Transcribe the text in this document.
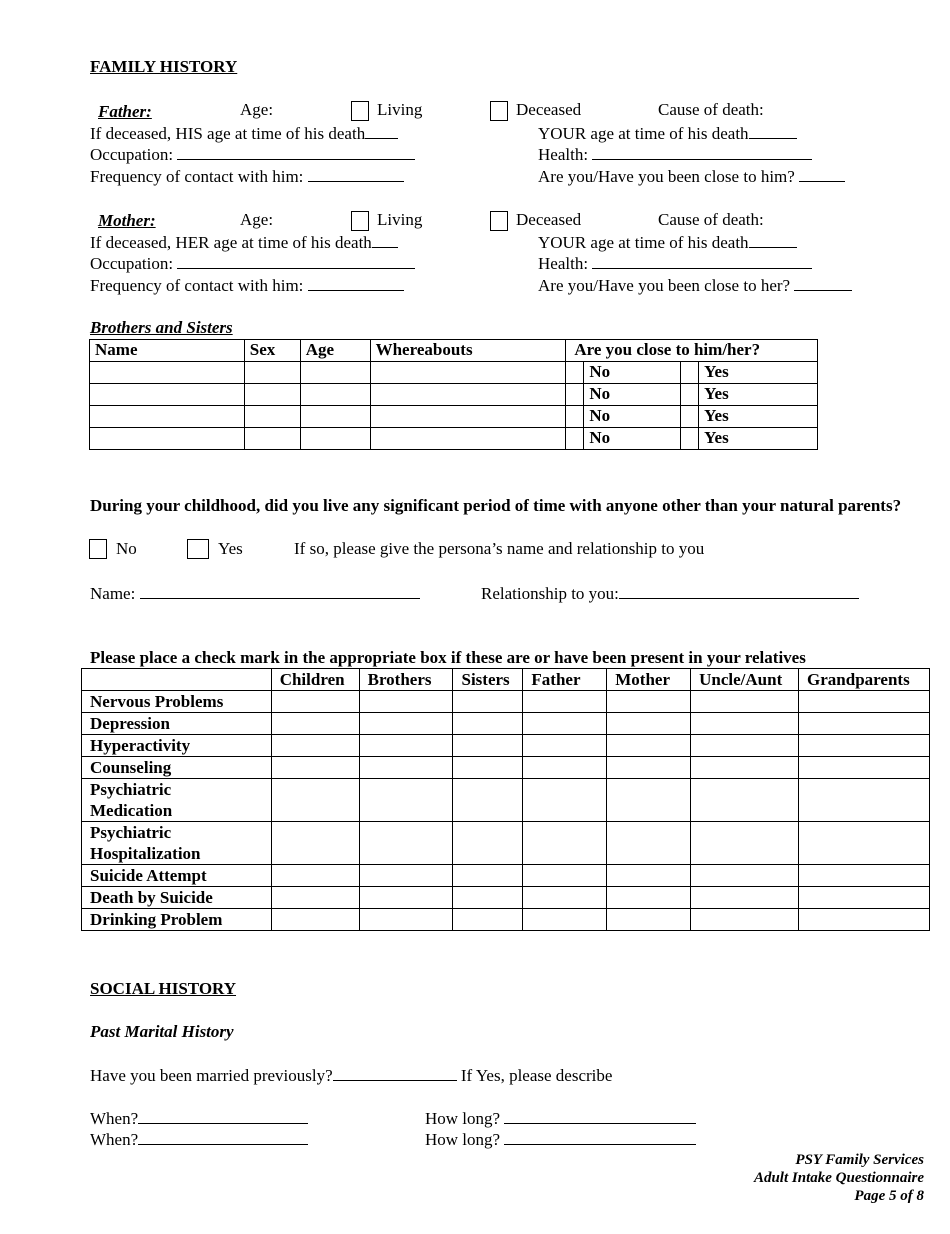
FAMILY HISTORY
Father:	Age:	Living	Deceased	Cause of death:
If deceased, HIS age at time of his death	YOUR age at time of his death
Occupation:	Health:
Frequency of contact with him:	Are you/Have you been close to him?
Mother:	Age:	Living	Deceased	Cause of death:
If deceased, HER age at time of his death	YOUR age at time of his death
Occupation:	Health:
Frequency of contact with him:	Are you/Have you been close to her?
Brothers and Sisters
Name	Sex	Age	Whereabouts	Are you close to him/her?			
					No		Yes
					No		Yes
					No		Yes
					No		Yes
During your childhood, did you live any significant period of time with anyone other than your natural parents?
No	Yes	If so, please give the persona’s name and relationship to you
Name:	Relationship to you:
Please place a check mark in the appropriate box if these are or have been present in your relatives
	Children	Brothers	Sisters	Father	Mother	Uncle/Aunt	Grandparents
Nervous Problems							
Depression							
Hyperactivity							
Counseling							

Psychiatric Medication							

Psychiatric Hospitalization							

Suicide Attempt							
Death by Suicide							
Drinking Problem							
SOCIAL HISTORY
Past Marital History
Have you been married previously?	If Yes, please describe
When?	How long?
When?	How long?
PSY Family Services
Adult Intake Questionnaire
Page 5 of 8
